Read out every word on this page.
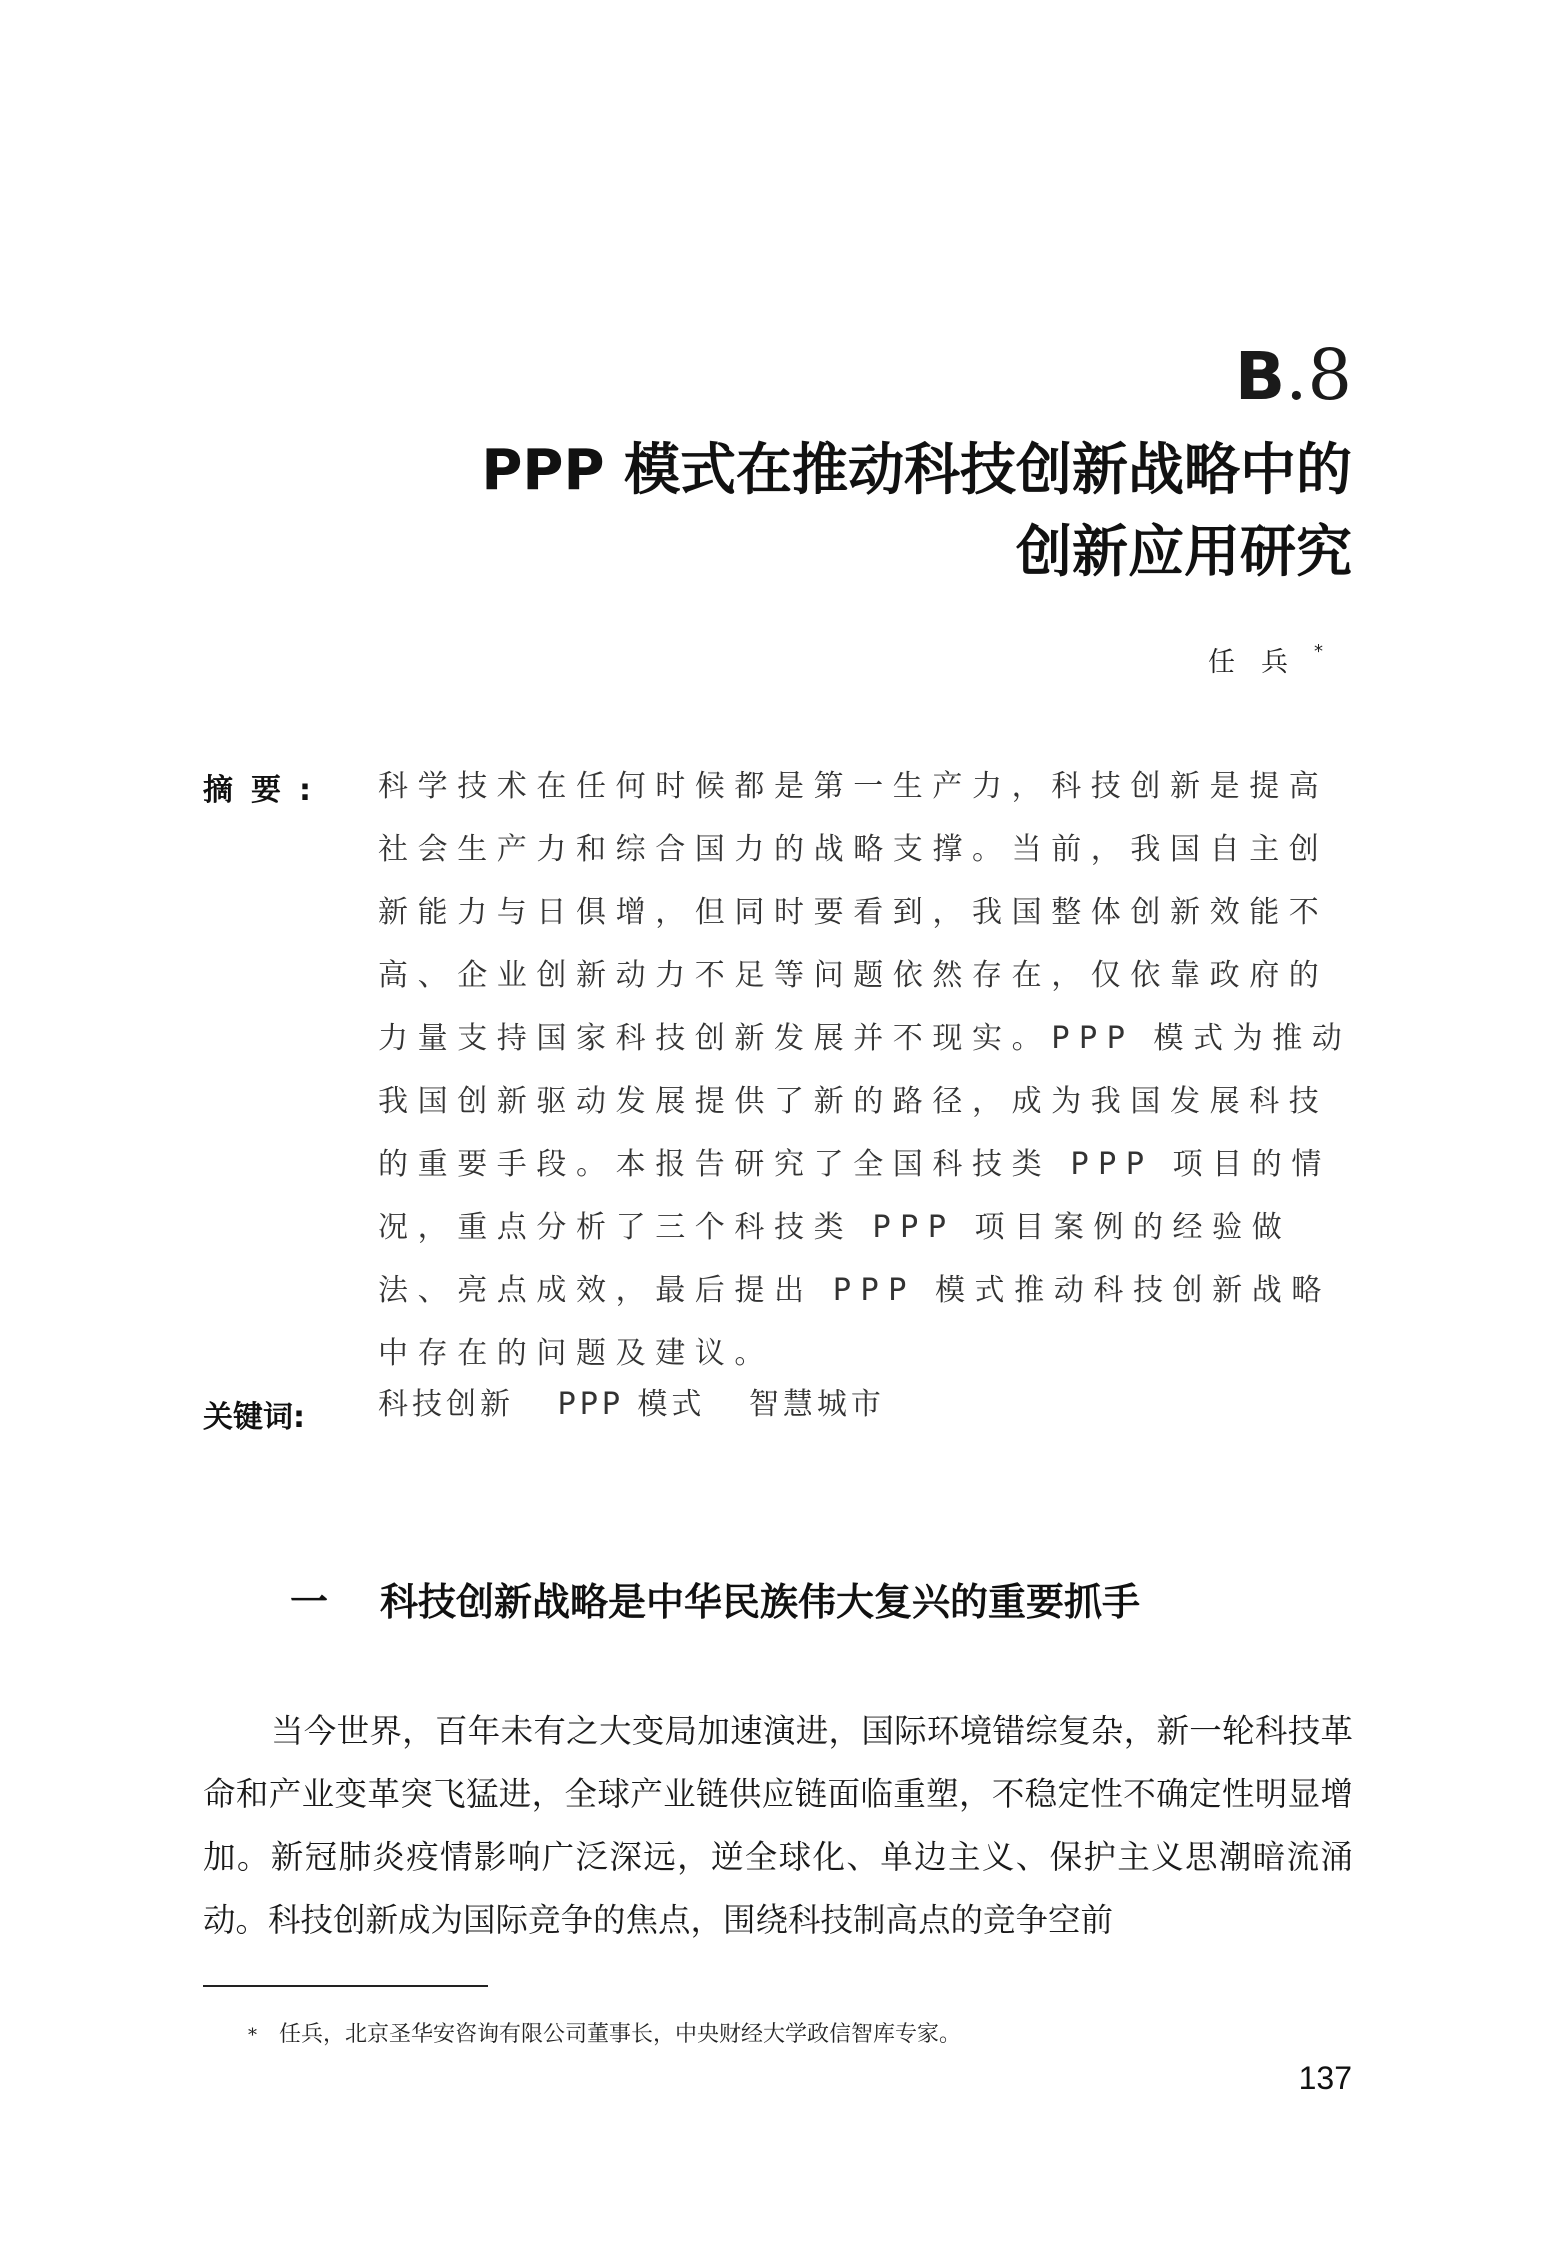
B.8
PPP 模式在推动科技创新战略中的
创新应用研究
任兵*
摘要: 科学技术在任何时候都是第一生产力，科技创新是提高社会生产力和综合国力的战略支撑。当前，我国自主创新能力与日俱增，但同时要看到，我国整体创新效能不高、企业创新动力不足等问题依然存在，仅依靠政府的力量支持国家科技创新发展并不现实。PPP 模式为推动我国创新驱动发展提供了新的路径，成为我国发展科技的重要手段。本报告研究了全国科技类 PPP 项目的情况，重点分析了三个科技类 PPP 项目案例的经验做法、亮点成效，最后提出 PPP 模式推动科技创新战略中存在的问题及建议。

关键词: 科技创新 PPP 模式 智慧城市
一 科技创新战略是中华民族伟大复兴的重要抓手

当今世界，百年未有之大变局加速演进，国际环境错综复杂，新一轮科技革命和产业变革突飞猛进，全球产业链供应链面临重塑，不稳定性不确定性明显增加。新冠肺炎疫情影响广泛深远，逆全球化、单边主义、保护主义思潮暗流涌动。科技创新成为国际竞争的焦点，围绕科技制高点的竞争空前

* 任兵，北京圣华安咨询有限公司董事长，中央财经大学政信智库专家。
137
